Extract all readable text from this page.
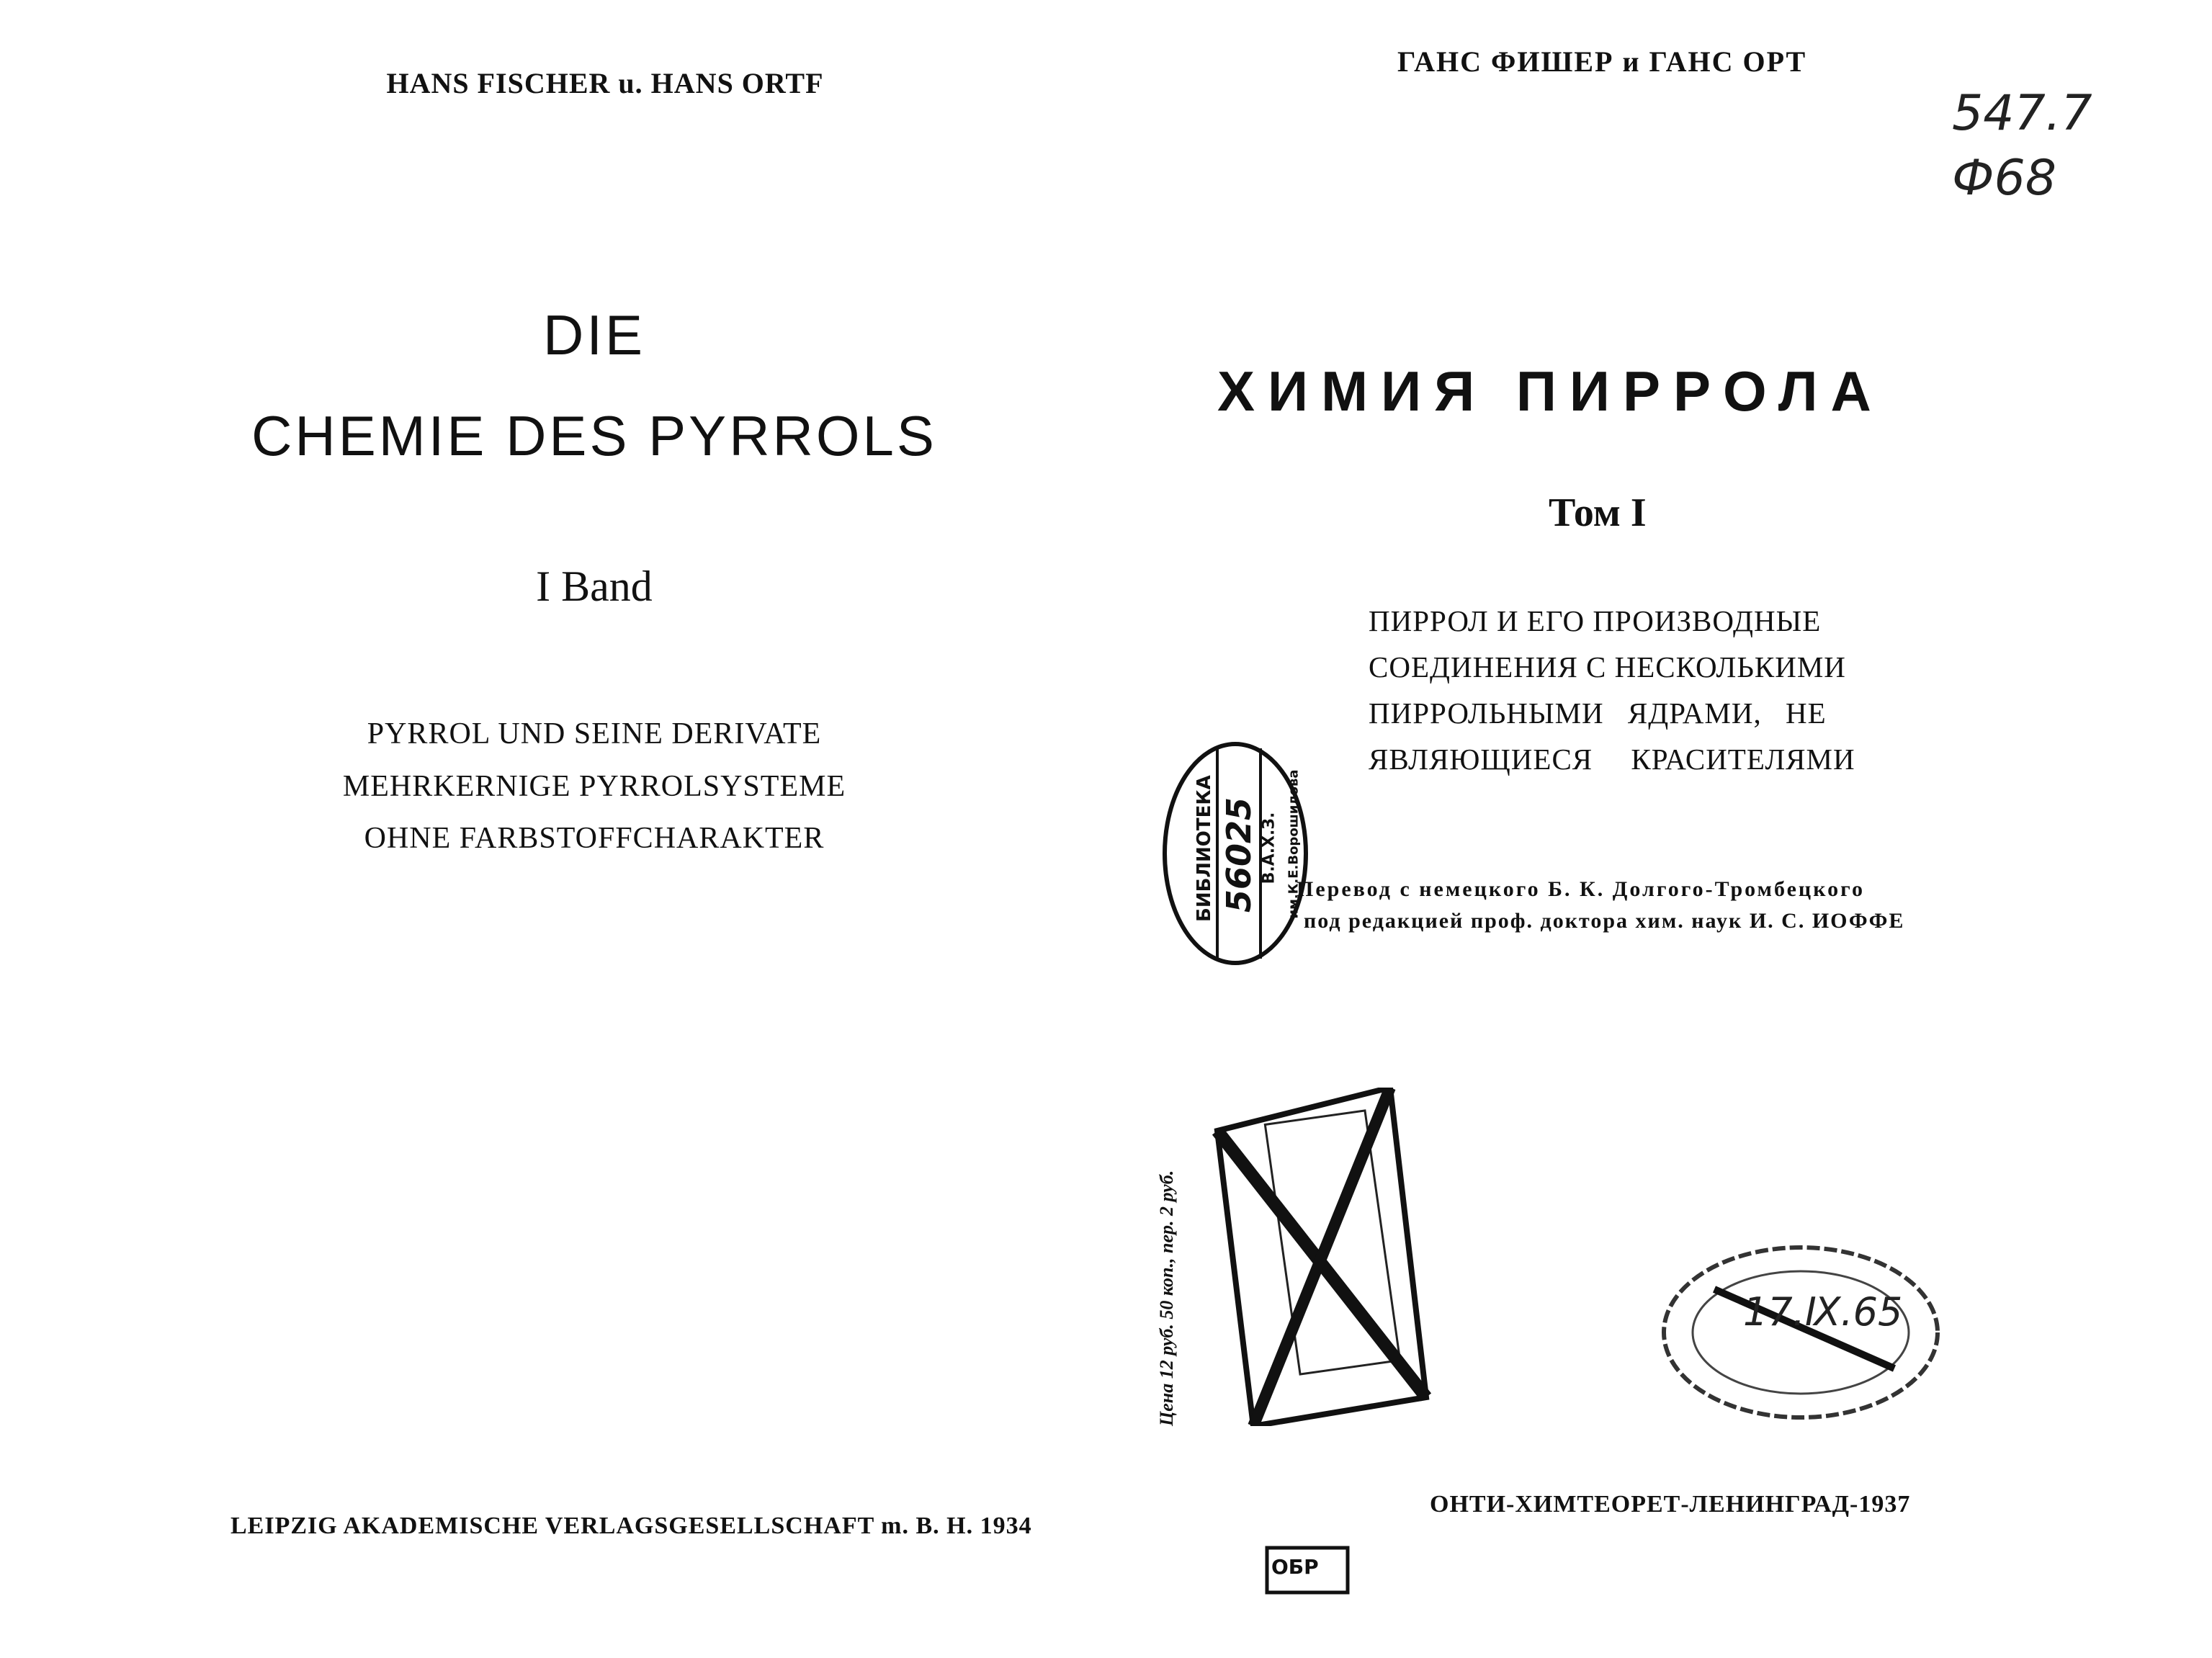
HANS FISCHER u. HANS ORTF
DIE
CHEMIE DES PYRROLS
I Band
PYRROL UND SEINE DERIVATE
MEHRKERNIGE PYRROLSYSTEME
OHNE FARBSTOFFCHARAKTER
LEIPZIG AKADEMISCHE VERLAGSGESELLSCHAFT m. B. H. 1934
ГАНС ФИШЕР и ГАНС ОРТ
547.7
Ф68
ХИМИЯ ПИРРОЛА
Том I
ПИРРОЛ И ЕГО ПРОИЗВОДНЫЕ
СОЕДИНЕНИЯ С НЕСКОЛЬКИМИ
ПИРРОЛЬНЫМИ ЯДРАМИ, НЕ
ЯВЛЯЮЩИЕСЯ КРАСИТЕЛЯМИ
Перевод с немецкого Б. К. Долгого-Тромбецкого
под редакцией проф. доктора хим. наук И. С. ИОФФЕ
Цена 12 руб. 50 коп., пер. 2 руб.
ОНТИ-ХИМТЕОРЕТ-ЛЕНИНГРАД-1937
БИБЛИОТЕКА 56025 В.А.Х.З. им.К.Е.Ворошилова
17.Ⅸ.65
ОБР
